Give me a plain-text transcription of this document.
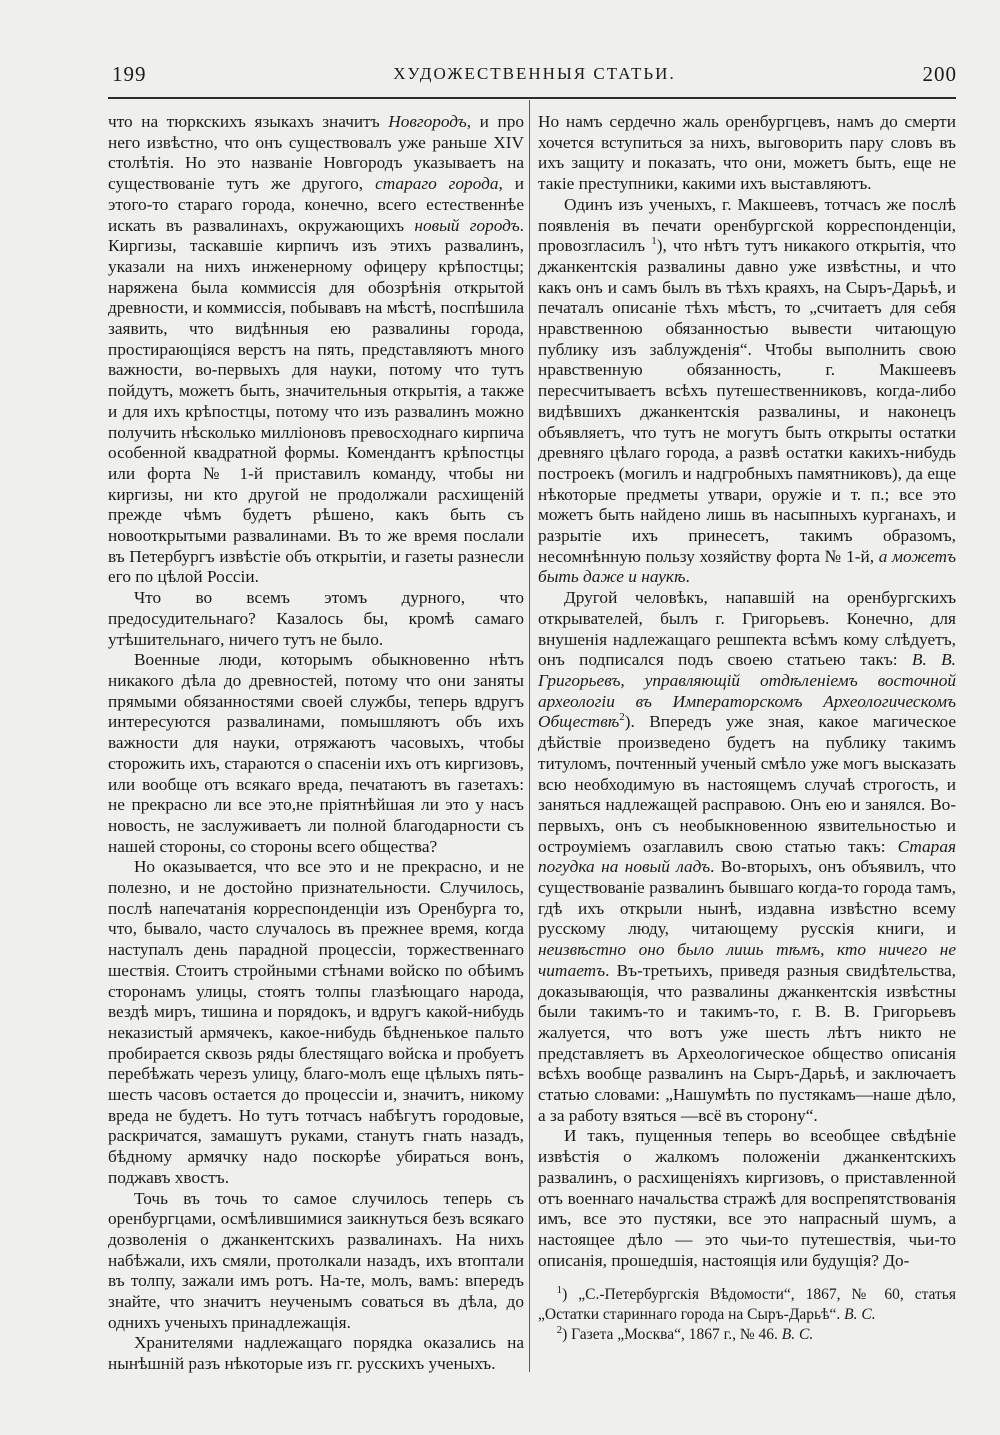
199	ХУДОЖЕСТВЕННЫЯ СТАТЬИ.	200

что на тюркскихъ языкахъ значитъ Новгородъ, и про него извѣстно, что онъ существовалъ уже раньше XIV столѣтія. Но это названіе Новгородъ указываетъ на существованіе тутъ же другого, стараго города, и этого-то стараго города, конечно, всего естественнѣе искать въ развалинахъ, окружающихъ новый городъ. Киргизы, таскавшіе кирпичъ изъ этихъ развалинъ, указали на нихъ инженерному офицеру крѣпостцы; наряжена была коммиссія для обозрѣнія открытой древности, и коммиссія, побывавъ на мѣстѣ, поспѣшила заявить, что видѣнныя ею развалины города, простирающіяся верстъ на пять, представляютъ много важности, во-первыхъ для науки, потому что тутъ пойдутъ, можетъ быть, значительныя открытія, а также и для ихъ крѣпостцы, потому что изъ развалинъ можно получить нѣсколько милліоновъ превосходнаго кирпича особенной квадратной формы. Комендантъ крѣпостцы или форта № 1-й приставилъ команду, чтобы ни киргизы, ни кто другой не продолжали расхищеній прежде чѣмъ будетъ рѣшено, какъ быть съ новооткрытыми развалинами. Въ то же время послали въ Петербургъ извѣстіе объ открытіи, и газеты разнесли его по цѣлой Россіи.

Что во всемъ этомъ дурного, что предосудительнаго? Казалось бы, кромѣ самаго утѣшительнаго, ничего тутъ не было.

Военные люди, которымъ обыкновенно нѣтъ никакого дѣла до древностей, потому что они заняты прямыми обязанностями своей службы, теперь вдругъ интересуются развалинами, помышляютъ объ ихъ важности для науки, отряжаютъ часовыхъ, чтобы сторожить ихъ, стараются о спасеніи ихъ отъ киргизовъ, или вообще отъ всякаго вреда, печатаютъ въ газетахъ: не прекрасно ли все это,не пріятнѣйшая ли это у насъ новость, не заслуживаетъ ли полной благодарности съ нашей стороны, со стороны всего общества?

Но оказывается, что все это и не прекрасно, и не полезно, и не достойно признательности. Случилось, послѣ напечатанія корреспонденціи изъ Оренбурга то, что, бывало, часто случалось въ прежнее время, когда наступалъ день парадной процессіи, торжественнаго шествія. Стоитъ стройными стѣнами войско по обѣимъ сторонамъ улицы, стоятъ толпы глазѣющаго народа, вездѣ миръ, тишина и порядокъ, и вдругъ какой-нибудь неказистый армячекъ, какое-нибудь бѣдненькое пальто пробирается сквозь ряды блестящаго войска и пробуетъ перебѣжать черезъ улицу, благо-молъ еще цѣлыхъ пять-шесть часовъ остается до процессіи и, значитъ, никому вреда не будетъ. Но тутъ тотчасъ набѣгутъ городовые, раскричатся, замашутъ руками, станутъ гнать назадъ, бѣдному армячку надо поскорѣе убираться вонъ, поджавъ хвостъ.

Точь въ точь то самое случилось теперь съ оренбургцами, осмѣлившимися заикнуться безъ всякаго дозволенія о джанкентскихъ развалинахъ. На нихъ набѣжали, ихъ смяли, протолкали назадъ, ихъ втоптали въ толпу, зажали имъ ротъ. На-те, молъ, вамъ: впередъ знайте, что значитъ неученымъ соваться въ дѣла, до однихъ ученыхъ принадлежащія.

Хранителями надлежащаго порядка оказались на нынѣшній разъ нѣкоторые изъ гг. русскихъ ученыхъ.

Но намъ сердечно жаль оренбургцевъ, намъ до смерти хочется вступиться за нихъ, выговорить пару словъ въ ихъ защиту и показать, что они, можетъ быть, еще не такіе преступники, какими ихъ выставляютъ.

Одинъ изъ ученыхъ, г. Макшеевъ, тотчасъ же послѣ появленія въ печати оренбургской корреспонденціи, провозгласилъ $^1$), что нѣтъ тутъ никакого открытія, что джанкентскія развалины давно уже извѣстны, и что какъ онъ и самъ былъ въ тѣхъ краяхъ, на Сыръ-Дарьѣ, и печаталъ описаніе тѣхъ мѣстъ, то „считаетъ для себя нравственною обязанностью вывести читающую публику изъ заблужденія“. Чтобы выполнить свою нравственную обязанность, г. Макшеевъ пересчитываетъ всѣхъ путешественниковъ, когда-либо видѣвшихъ джанкентскія развалины, и наконецъ объявляетъ, что тутъ не могутъ быть открыты остатки древняго цѣлаго города, а развѣ остатки какихъ-нибудь построекъ (могилъ и надгробныхъ памятниковъ), да еще нѣкоторые предметы утвари, оружіе и т. п.; все это можетъ быть найдено лишь въ насыпныхъ курганахъ, и разрытіе ихъ принесетъ, такимъ образомъ, несомнѣнную пользу хозяйству форта № 1-й, а можетъ быть даже и наукѣ.

Другой человѣкъ, напавшій на оренбургскихъ открывателей, былъ г. Григорьевъ. Конечно, для внушенія надлежащаго решпекта всѣмъ кому слѣдуетъ, онъ подписался подъ своею статьею такъ: В. В. Григорьевъ, управляющій отдѣленіемъ восточной археологіи въ Императорскомъ Археологическомъ Обществѣ$^2$). Впередъ уже зная, какое магическое дѣйствіе произведено будетъ на публику такимъ титуломъ, почтенный ученый смѣло уже могъ высказать всю необходимую въ настоящемъ случаѣ строгость, и заняться надлежащей расправою. Онъ ею и занялся. Во-первыхъ, онъ съ необыкновенною язвительностью и остроуміемъ озаглавилъ свою статью такъ: Старая погудка на новый ладъ. Во-вторыхъ, онъ объявилъ, что существованіе развалинъ бывшаго когда-то города тамъ, гдѣ ихъ открыли нынѣ, издавна извѣстно всему русскому люду, читающему русскія книги, и неизвѣстно оно было лишь тѣмъ, кто ничего не читаетъ. Въ-третьихъ, приведя разныя свидѣтельства, доказывающія, что развалины джанкентскія извѣстны были такимъ-то и такимъ-то, г. В. В. Григорьевъ жалуется, что вотъ уже шесть лѣтъ никто не представляетъ въ Археологическое общество описанія всѣхъ вообще развалинъ на Сыръ-Дарьѣ, и заключаетъ статью словами: „Нашумѣть по пустякамъ—наше дѣло, а за работу взяться —всё въ сторону“.

И такъ, пущенныя теперь во всеобщее свѣдѣніе извѣстія о жалкомъ положеніи джанкентскихъ развалинъ, о расхищеніяхъ киргизовъ, о приставленной отъ военнаго начальства стражѣ для воспрепятствованія имъ, все это пустяки, все это напрасный шумъ, а настоящее дѣло — это чьи-то путешествія, чьи-то описанія, прошедшія, настоящія или будущія? До-

$^1$) „С.-Петербургскія Вѣдомости“, 1867, № 60, статья „Остатки стариннаго города на Сыръ-Дарьѣ“. В. С.

$^2$) Газета „Москва“, 1867 г., № 46. В. С.
